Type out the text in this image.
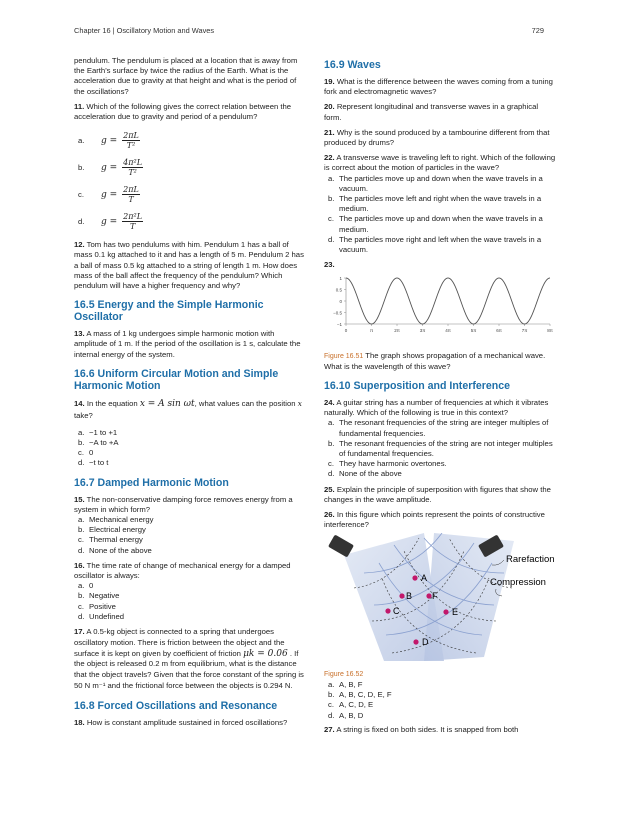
Chapter 16 | Oscillatory Motion and Waves	729

pendulum. The pendulum is placed at a location that is away from the Earth's surface by twice the radius of the Earth. What is the acceleration due to gravity at that height and what is the period of the oscillations?

11. Which of the following gives the correct relation between the acceleration due to gravity and period of a pendulum?

a. $g = \frac{2\pi L}{\text{T²}}$
b. $g = \frac{\text{4π²L}}{\text{T²}}$
c. $g = \frac{2\pi L}{T}$
d. $g = \frac{\text{2π²L}}{T}$

12. Tom has two pendulums with him. Pendulum 1 has a ball of mass 0.1 kg attached to it and has a length of 5 m. Pendulum 2 has a ball of mass 0.5 kg attached to a string of length 1 m. How does mass of the ball affect the frequency of the pendulum? Which pendulum will have a higher frequency and why?

16.5 Energy and the Simple Harmonic Oscillator

13. A mass of 1 kg undergoes simple harmonic motion with amplitude of 1 m. If the period of the oscillation is 1 s, calculate the internal energy of the system.

16.6 Uniform Circular Motion and Simple Harmonic Motion

14. In the equation x = A sin ωt, what values can the position x take?

a. −1 to +1
b. −A to +A
c. 0
d. −t to t
16.7 Damped Harmonic Motion

15. The non-conservative damping force removes energy from a system in which form?

a. Mechanical energy
b. Electrical energy
c. Thermal energy
d. None of the above

16. The time rate of change of mechanical energy for a damped oscillator is always:

a. 0
b. Negative
c. Positive
d. Undefined

17. A 0.5-kg object is connected to a spring that undergoes oscillatory motion. There is friction between the object and the surface it is kept on given by coefficient of friction μk = 0.06 . If the object is released 0.2 m from equilibrium, what is the distance that the object travels? Given that the force constant of the spring is 50 N m⁻¹ and the frictional force between the objects is 0.294 N.

16.8 Forced Oscillations and Resonance

18. How is constant amplitude sustained in forced oscillations?

16.9 Waves

19. What is the difference between the waves coming from a tuning fork and electromagnetic waves?

20. Represent longitudinal and transverse waves in a graphical form.

21. Why is the sound produced by a tambourine different from that produced by drums?

22. A transverse wave is traveling left to right. Which of the following is correct about the motion of particles in the wave?

a. The particles move up and down when the wave travels in a vacuum.
b. The particles move left and right when the wave travels in a medium.
c. The particles move up and down when the wave travels in a medium.
d. The particles move right and left when the wave travels in a vacuum.

23.

1
0.5
0
−0.5
−1
0	π	2π	3π	4π	5π	6π	7π	8π

Figure 16.51 The graph shows propagation of a mechanical wave. What is the wavelength of this wave?

16.10 Superposition and Interference

24. A guitar string has a number of frequencies at which it vibrates naturally. Which of the following is true in this context?

a. The resonant frequencies of the string are integer multiples of fundamental frequencies.
b. The resonant frequencies of the string are not integer multiples of fundamental frequencies.
c. They have harmonic overtones.
d. None of the above

25. Explain the principle of superposition with figures that show the changes in the wave amplitude.

26. In this figure which points represent the points of constructive interference?

A
B
C
D
E
F
Rarefaction
Compression

Figure 16.52

a. A, B, F
b. A, B, C, D, E, F
c. A, C, D, E
d. A, B, D

27. A string is fixed on both sides. It is snapped from both
